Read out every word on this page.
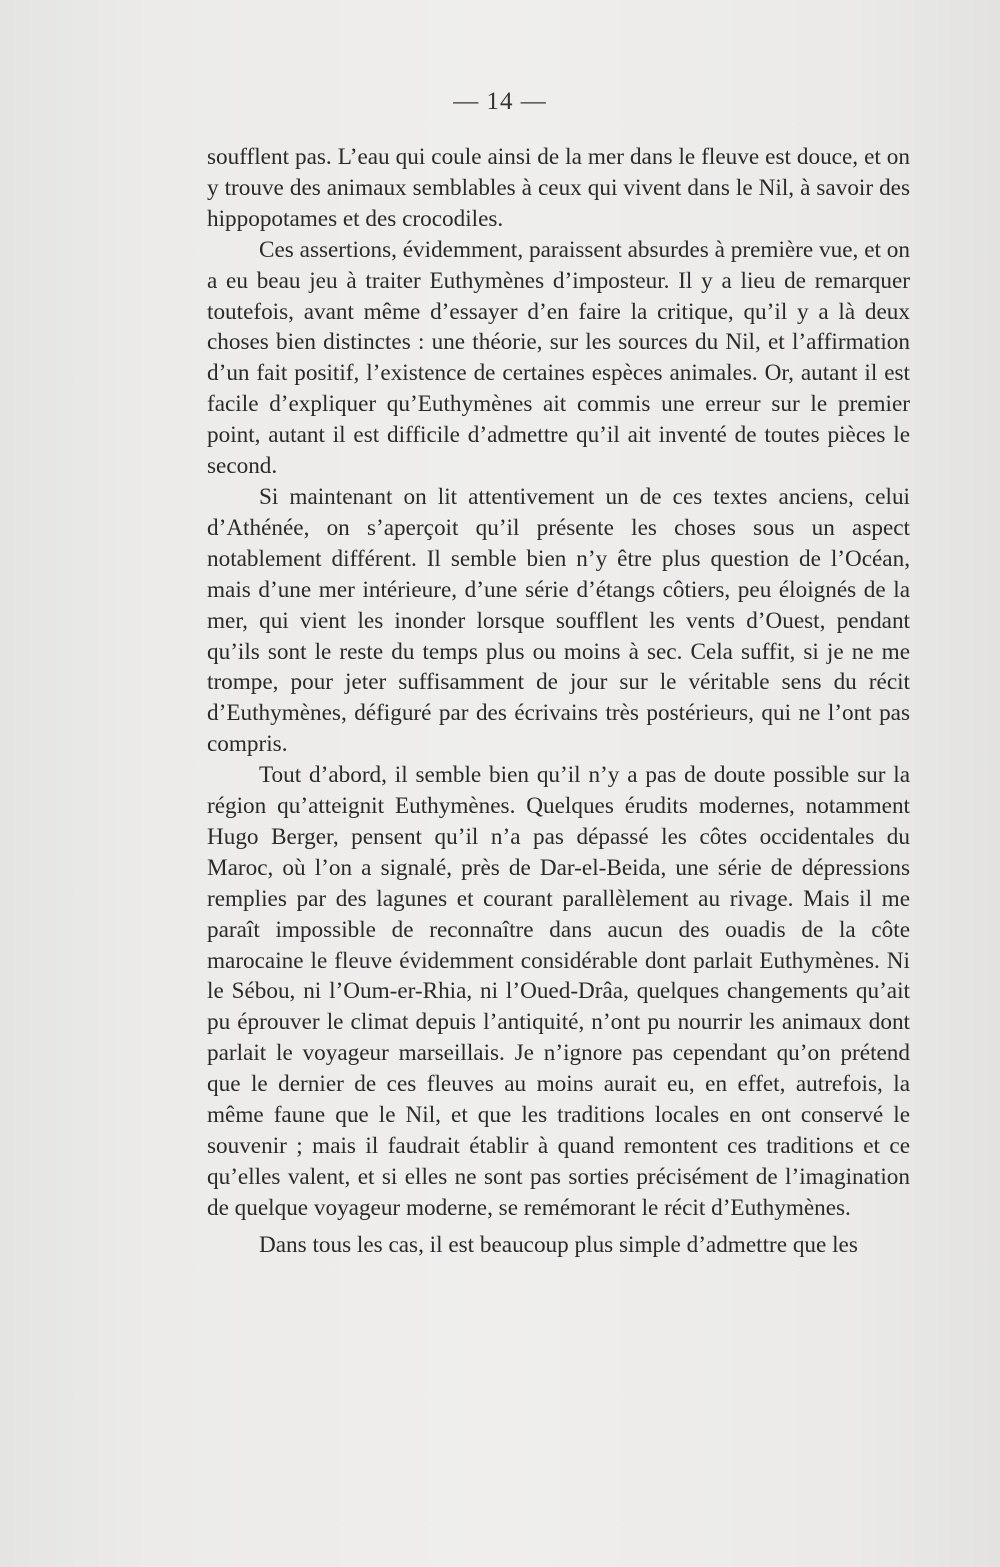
— 14 —

soufflent pas. L’eau qui coule ainsi de la mer dans le fleuve est douce, et on y trouve des animaux semblables à ceux qui vivent dans le Nil, à savoir des hippopotames et des crocodiles.

Ces assertions, évidemment, paraissent absurdes à première vue, et on a eu beau jeu à traiter Euthymènes d’imposteur. Il y a lieu de remarquer toutefois, avant même d’essayer d’en faire la critique, qu’il y a là deux choses bien distinctes : une théorie, sur les sources du Nil, et l’affirmation d’un fait positif, l’existence de certaines espèces animales. Or, autant il est facile d’expliquer qu’Euthymènes ait commis une erreur sur le premier point, autant il est difficile d’admettre qu’il ait inventé de toutes pièces le second.

Si maintenant on lit attentivement un de ces textes anciens, celui d’Athénée, on s’aperçoit qu’il présente les choses sous un aspect notablement différent. Il semble bien n’y être plus question de l’Océan, mais d’une mer intérieure, d’une série d’étangs côtiers, peu éloignés de la mer, qui vient les inonder lorsque soufflent les vents d’Ouest, pendant qu’ils sont le reste du temps plus ou moins à sec. Cela suffit, si je ne me trompe, pour jeter suffisamment de jour sur le véritable sens du récit d’Euthymènes, défiguré par des écrivains très postérieurs, qui ne l’ont pas compris.

Tout d’abord, il semble bien qu’il n’y a pas de doute possible sur la région qu’atteignit Euthymènes. Quelques érudits modernes, notamment Hugo Berger, pensent qu’il n’a pas dépassé les côtes occidentales du Maroc, où l’on a signalé, près de Dar-el-Beida, une série de dépressions remplies par des lagunes et courant parallèlement au rivage. Mais il me paraît impossible de reconnaître dans aucun des ouadis de la côte marocaine le fleuve évidemment considérable dont parlait Euthymènes. Ni le Sébou, ni l’Oum-er-Rhia, ni l’Oued-Drâa, quelques changements qu’ait pu éprouver le climat depuis l’antiquité, n’ont pu nourrir les animaux dont parlait le voyageur marseillais. Je n’ignore pas cependant qu’on prétend que le dernier de ces fleuves au moins aurait eu, en effet, autrefois, la même faune que le Nil, et que les traditions locales en ont conservé le souvenir ; mais il faudrait établir à quand remontent ces traditions et ce qu’elles valent, et si elles ne sont pas sorties précisément de l’imagination de quelque voyageur moderne, se remémorant le récit d’Euthymènes.

Dans tous les cas, il est beaucoup plus simple d’admettre que les
